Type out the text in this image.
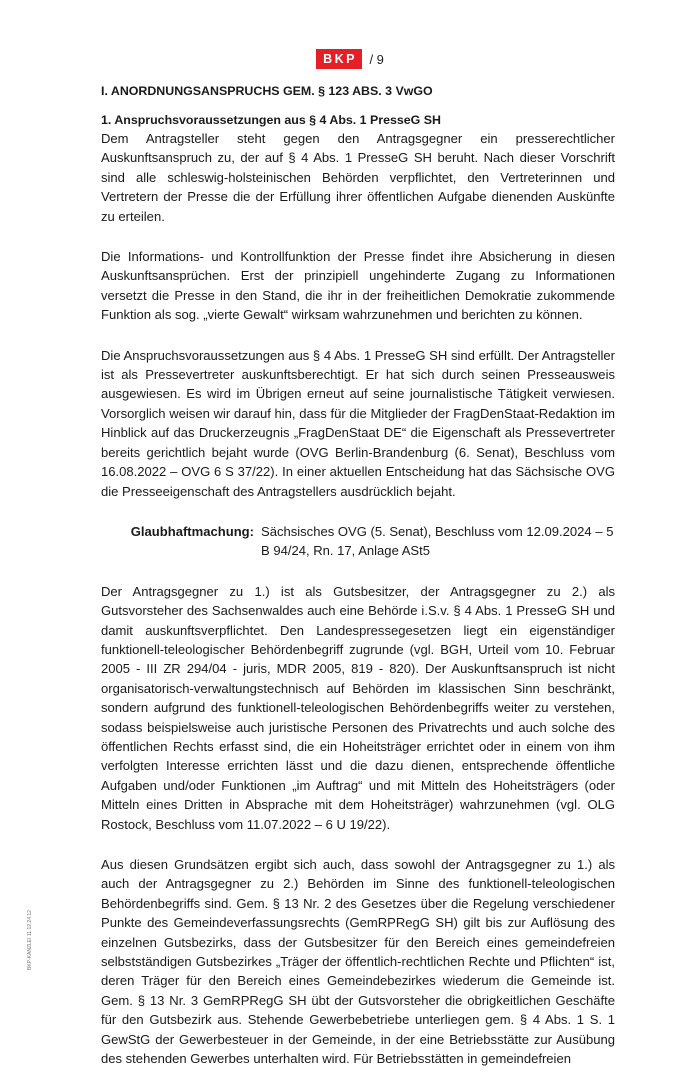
BKP / 9
I. ANORDNUNGSANSPRUCHS GEM. § 123 ABS. 3 VwGO
1. Anspruchsvoraussetzungen aus § 4 Abs. 1 PresseG SH

Dem Antragsteller steht gegen den Antragsgegner ein presserechtlicher Auskunftsanspruch zu, der auf § 4 Abs. 1 PresseG SH beruht. Nach dieser Vorschrift sind alle schleswig-holsteinischen Behörden verpflichtet, den Vertreterinnen und Vertretern der Presse die der Erfüllung ihrer öffentlichen Aufgabe dienenden Auskünfte zu erteilen.

Die Informations- und Kontrollfunktion der Presse findet ihre Absicherung in diesen Auskunftsansprüchen. Erst der prinzipiell ungehinderte Zugang zu Informationen versetzt die Presse in den Stand, die ihr in der freiheitlichen Demokratie zukommende Funktion als sog. „vierte Gewalt“ wirksam wahrzunehmen und berichten zu können.

Die Anspruchsvoraussetzungen aus § 4 Abs. 1 PresseG SH sind erfüllt. Der Antragsteller ist als Pressevertreter auskunftsberechtigt. Er hat sich durch seinen Presseausweis ausgewiesen. Es wird im Übrigen erneut auf seine journalistische Tätigkeit verwiesen. Vorsorglich weisen wir darauf hin, dass für die Mitglieder der FragDenStaat-Redaktion im Hinblick auf das Druckerzeugnis „FragDenStaat DE“ die Eigenschaft als Pressevertreter bereits gerichtlich bejaht wurde (OVG Berlin-Brandenburg (6. Senat), Beschluss vom 16.08.2022 – OVG 6 S 37/22). In einer aktuellen Entscheidung hat das Sächsische OVG die Presseeigenschaft des Antragstellers ausdrücklich bejaht.

Glaubhaftmachung: Sächsisches OVG (5. Senat), Beschluss vom 12.09.2024 – 5 B 94/24, Rn. 17, Anlage ASt5

Der Antragsgegner zu 1.) ist als Gutsbesitzer, der Antragsgegner zu 2.) als Gutsvorsteher des Sachsenwaldes auch eine Behörde i.S.v. § 4 Abs. 1 PresseG SH und damit auskunftsverpflichtet. Den Landespressegesetzen liegt ein eigenständiger funktionell-teleologischer Behördenbegriff zugrunde (vgl. BGH, Urteil vom 10. Februar 2005 - III ZR 294/04 - juris, MDR 2005, 819 - 820). Der Auskunftsanspruch ist nicht organisatorisch-verwaltungstechnisch auf Behörden im klassischen Sinn beschränkt, sondern aufgrund des funktionell-teleologischen Behördenbegriffs weiter zu verstehen, sodass beispielsweise auch juristische Personen des Privatrechts und auch solche des öffentlichen Rechts erfasst sind, die ein Hoheitsträger errichtet oder in einem von ihm verfolgten Interesse errichten lässt und die dazu dienen, entsprechende öffentliche Aufgaben und/oder Funktionen „im Auftrag“ und mit Mitteln des Hoheitsträgers (oder Mitteln eines Dritten in Absprache mit dem Hoheitsträger) wahrzunehmen (vgl. OLG Rostock, Beschluss vom 11.07.2022 – 6 U 19/22).

Aus diesen Grundsätzen ergibt sich auch, dass sowohl der Antragsgegner zu 1.) als auch der Antragsgegner zu 2.) Behörden im Sinne des funktionell-teleologischen Behördenbegriffs sind. Gem. § 13 Nr. 2 des Gesetzes über die Regelung verschiedener Punkte des Gemeindeverfassungsrechts (GemRPRegG SH) gilt bis zur Auflösung des einzelnen Gutsbezirks, dass der Gutsbesitzer für den Bereich eines gemeindefreien selbstständigen Gutsbezirkes „Träger der öffentlich-rechtlichen Rechte und Pflichten“ ist, deren Träger für den Bereich eines Gemeindebezirkes wiederum die Gemeinde ist. Gem. § 13 Nr. 3 GemRPRegG SH übt der Gutsvorsteher die obrigkeitlichen Geschäfte für den Gutsbezirk aus. Stehende Gewerbebetriebe unterliegen gem. § 4 Abs. 1 S. 1 GewStG der Gewerbesteuer in der Gemeinde, in der eine Betriebsstätte zur Ausübung des stehenden Gewerbes unterhalten wird. Für Betriebsstätten in gemeindefreien

BKP-KANZLEI 11.12.24.12
